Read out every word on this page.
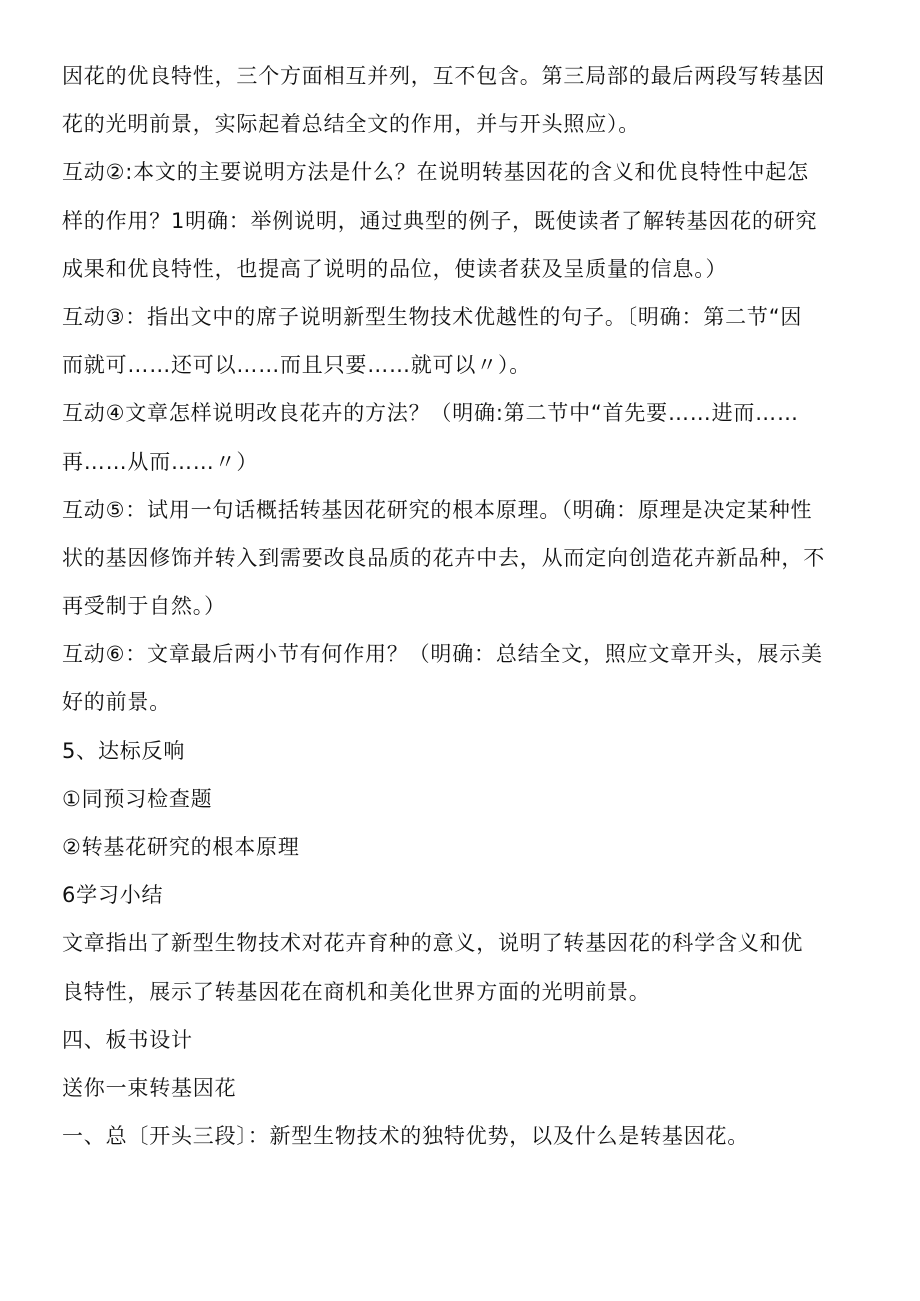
因花的优良特性，三个方面相互并列，互不包含。第三局部的最后两段写转基因
花的光明前景，实际起着总结全文的作用，并与开头照应）。
互动②:本文的主要说明方法是什么？在说明转基因花的含义和优良特性中起怎
样的作用？1明确：举例说明，通过典型的例子，既使读者了解转基因花的研究
成果和优良特性，也提高了说明的品位，使读者获及呈质量的信息。）
互动③：指出文中的席子说明新型生物技术优越性的句子。〔明确：第二节“因
而就可……还可以……而且只要……就可以〃）。
互动④文章怎样说明改良花卉的方法？（明确:第二节中“首先要……进而……
再……从而……〃）
互动⑤：试用一句话概括转基因花研究的根本原理。（明确：原理是决定某种性
状的基因修饰并转入到需要改良品质的花卉中去，从而定向创造花卉新品种，不
再受制于自然。）
互动⑥：文章最后两小节有何作用？（明确：总结全文，照应文章开头，展示美
好的前景。
5、达标反响
①同预习检查题
②转基花研究的根本原理
6学习小结
文章指出了新型生物技术对花卉育种的意义，说明了转基因花的科学含义和优
良特性，展示了转基因花在商机和美化世界方面的光明前景。
四、板书设计
送你一束转基因花
一、总〔开头三段〕：新型生物技术的独特优势，以及什么是转基因花。
